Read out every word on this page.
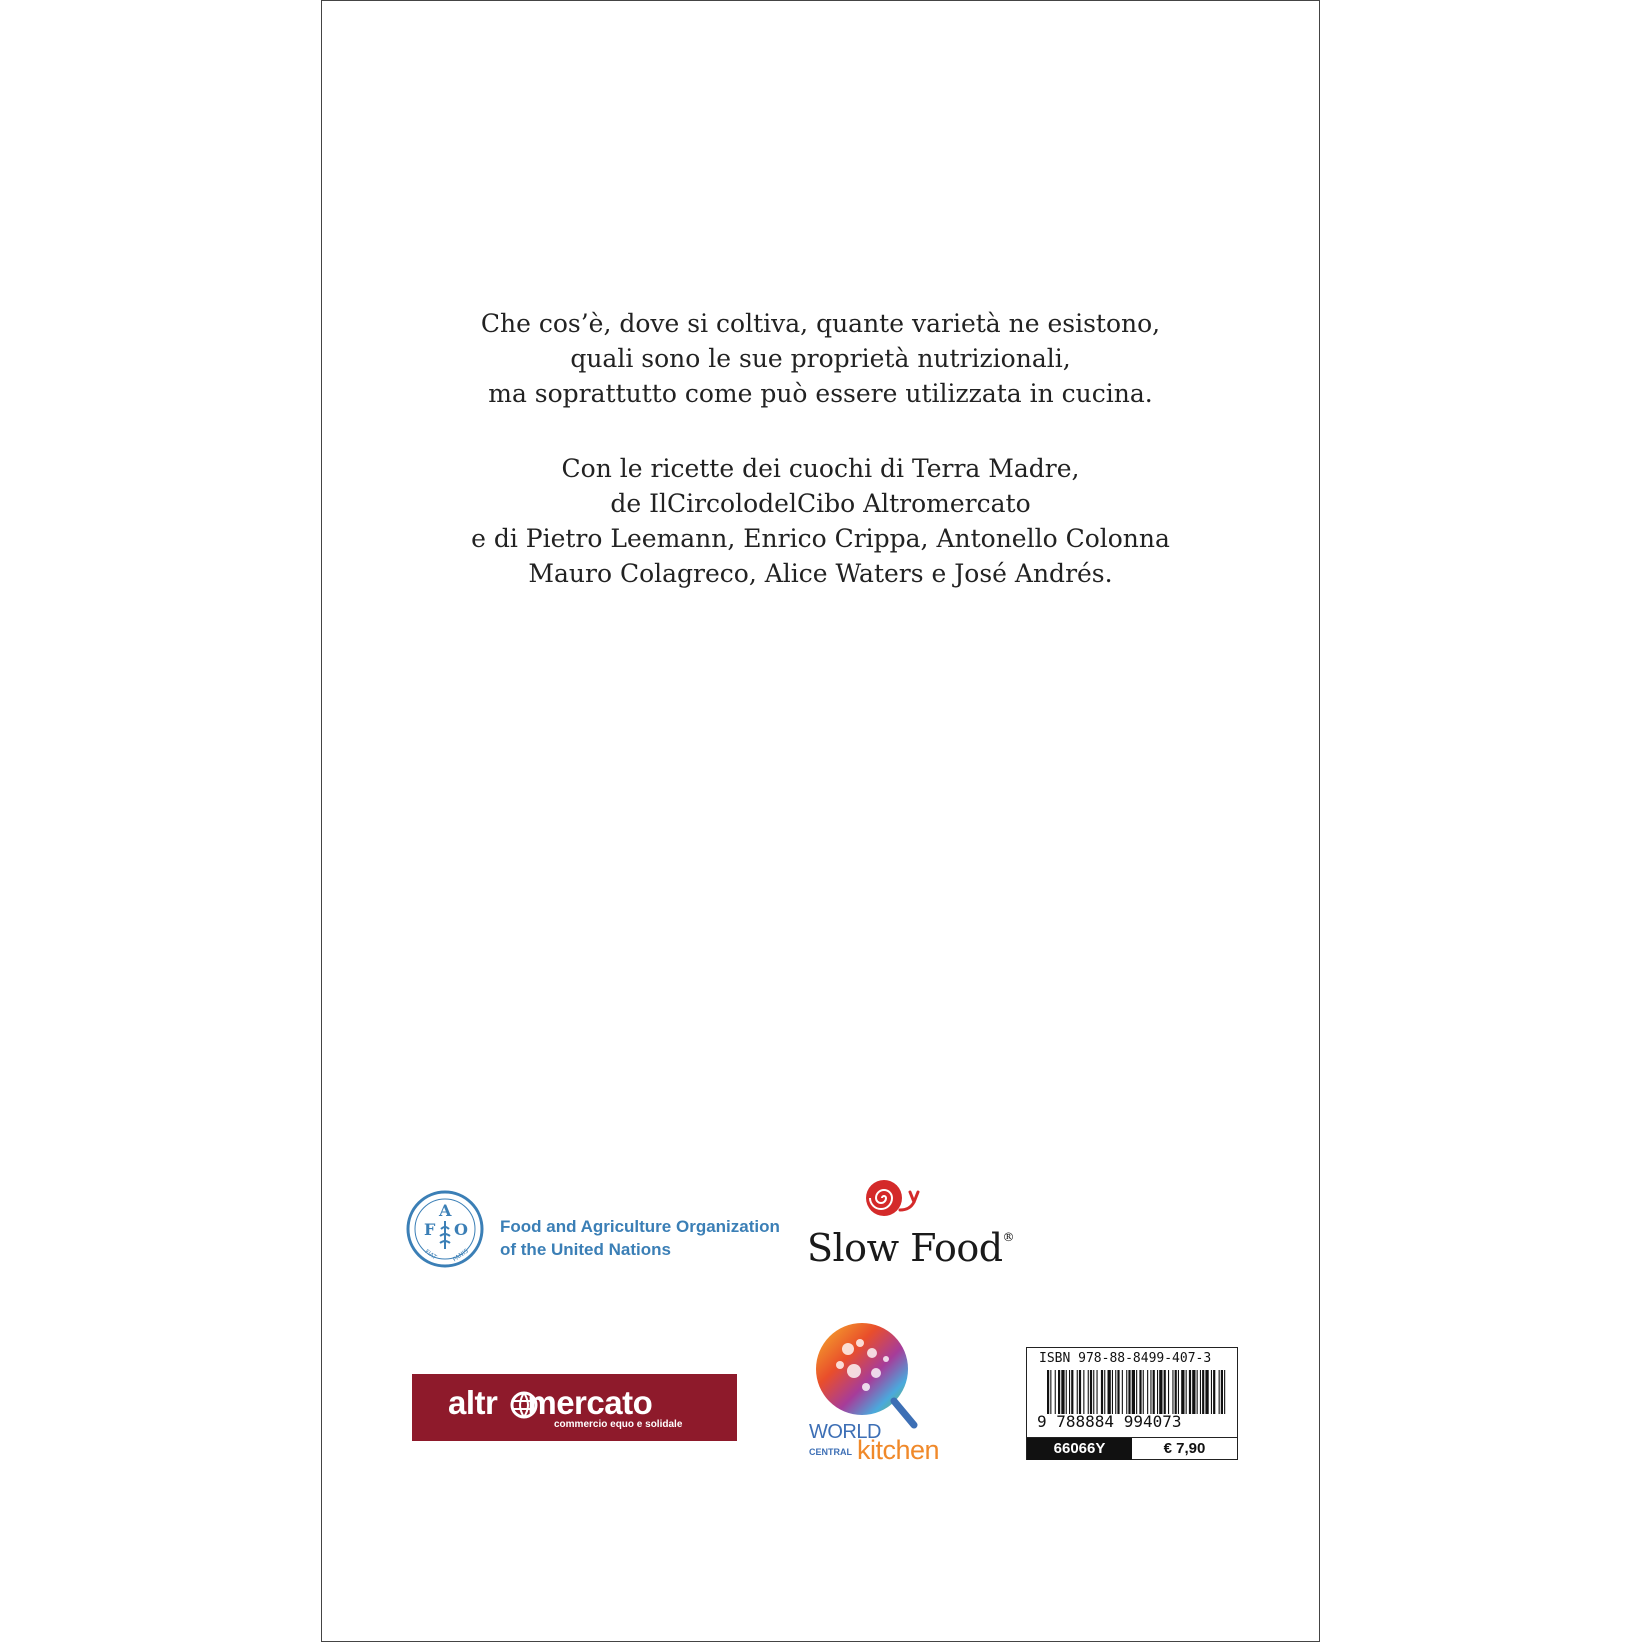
Che cos’è, dove si coltiva, quante varietà ne esistono,
quali sono le sue proprietà nutrizionali,
ma soprattutto come può essere utilizzata in cucina.
Con le ricette dei cuochi di Terra Madre,
de IlCircolodelCibo Altromercato
e di Pietro Leemann, Enrico Crippa, Antonello Colonna
Mauro Colagreco, Alice Waters e José Andrés.
F
A
O
FIAT PANIS
Food and Agriculture Organization
of the United Nations	Slow Food®
altr mercato
commercio equo e solidale	WORLD
CENTRAL kitchen
ISBN 978-88-8499-407-3
9 788884 994073
66066Y	€ 7,90
